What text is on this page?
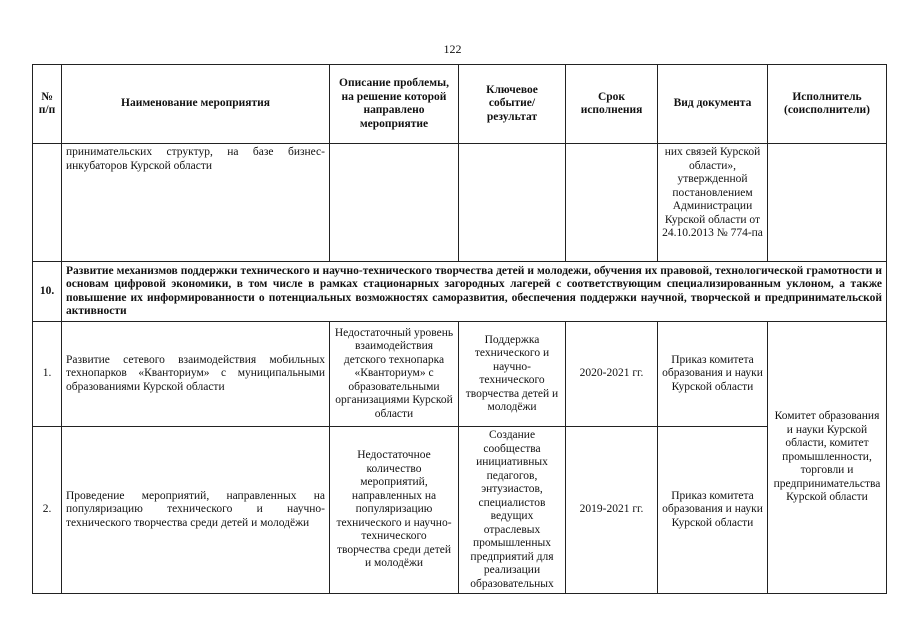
122
№ п/п	Наименование мероприятия	Описание проблемы, на решение которой направлено мероприятие	Ключевое событие/ результат	Срок исполнения	Вид документа	Исполнитель (соисполнители)
	принимательских структур, на базе бизнес-инкубаторов Курской области				них связей Курской области», утвержденной постановлением Администрации Курской области от 24.10.2013 № 774-па	
10.	Развитие механизмов поддержки технического и научно-технического творчества детей и молодежи, обучения их правовой, технологической грамотности и основам цифровой экономики, в том числе в рамках стационарных загородных лагерей с соответствующим специализированным уклоном, а также повышение их информированности о потенциальных возможностях саморазвития, обеспечения поддержки научной, творческой и предпринимательской активности					
1.	Развитие сетевого взаимодействия мобильных технопарков «Кванториум» с муниципальными образованиями Курской области	Недостаточный уровень взаимодействия детского технопарка «Кванториум» с образовательными организациями Курской области	Поддержка технического и научно-технического творчества детей и молодёжи	2020-2021 гг.	Приказ комитета образования и науки Курской области	Комитет образования и науки Курской области, комитет промышленности, торговли и предпринимательства Курской области
2.	Проведение мероприятий, направленных на популяризацию технического и научно-технического творчества среди детей и молодёжи	Недостаточное количество мероприятий, направленных на популяризацию технического и научно-технического творчества среди детей и молодёжи	Создание сообщества инициативных педагогов, энтузиастов, специалистов ведущих отраслевых промышленных предприятий для реализации образовательных	2019-2021 гг.	Приказ комитета образования и науки Курской области	
